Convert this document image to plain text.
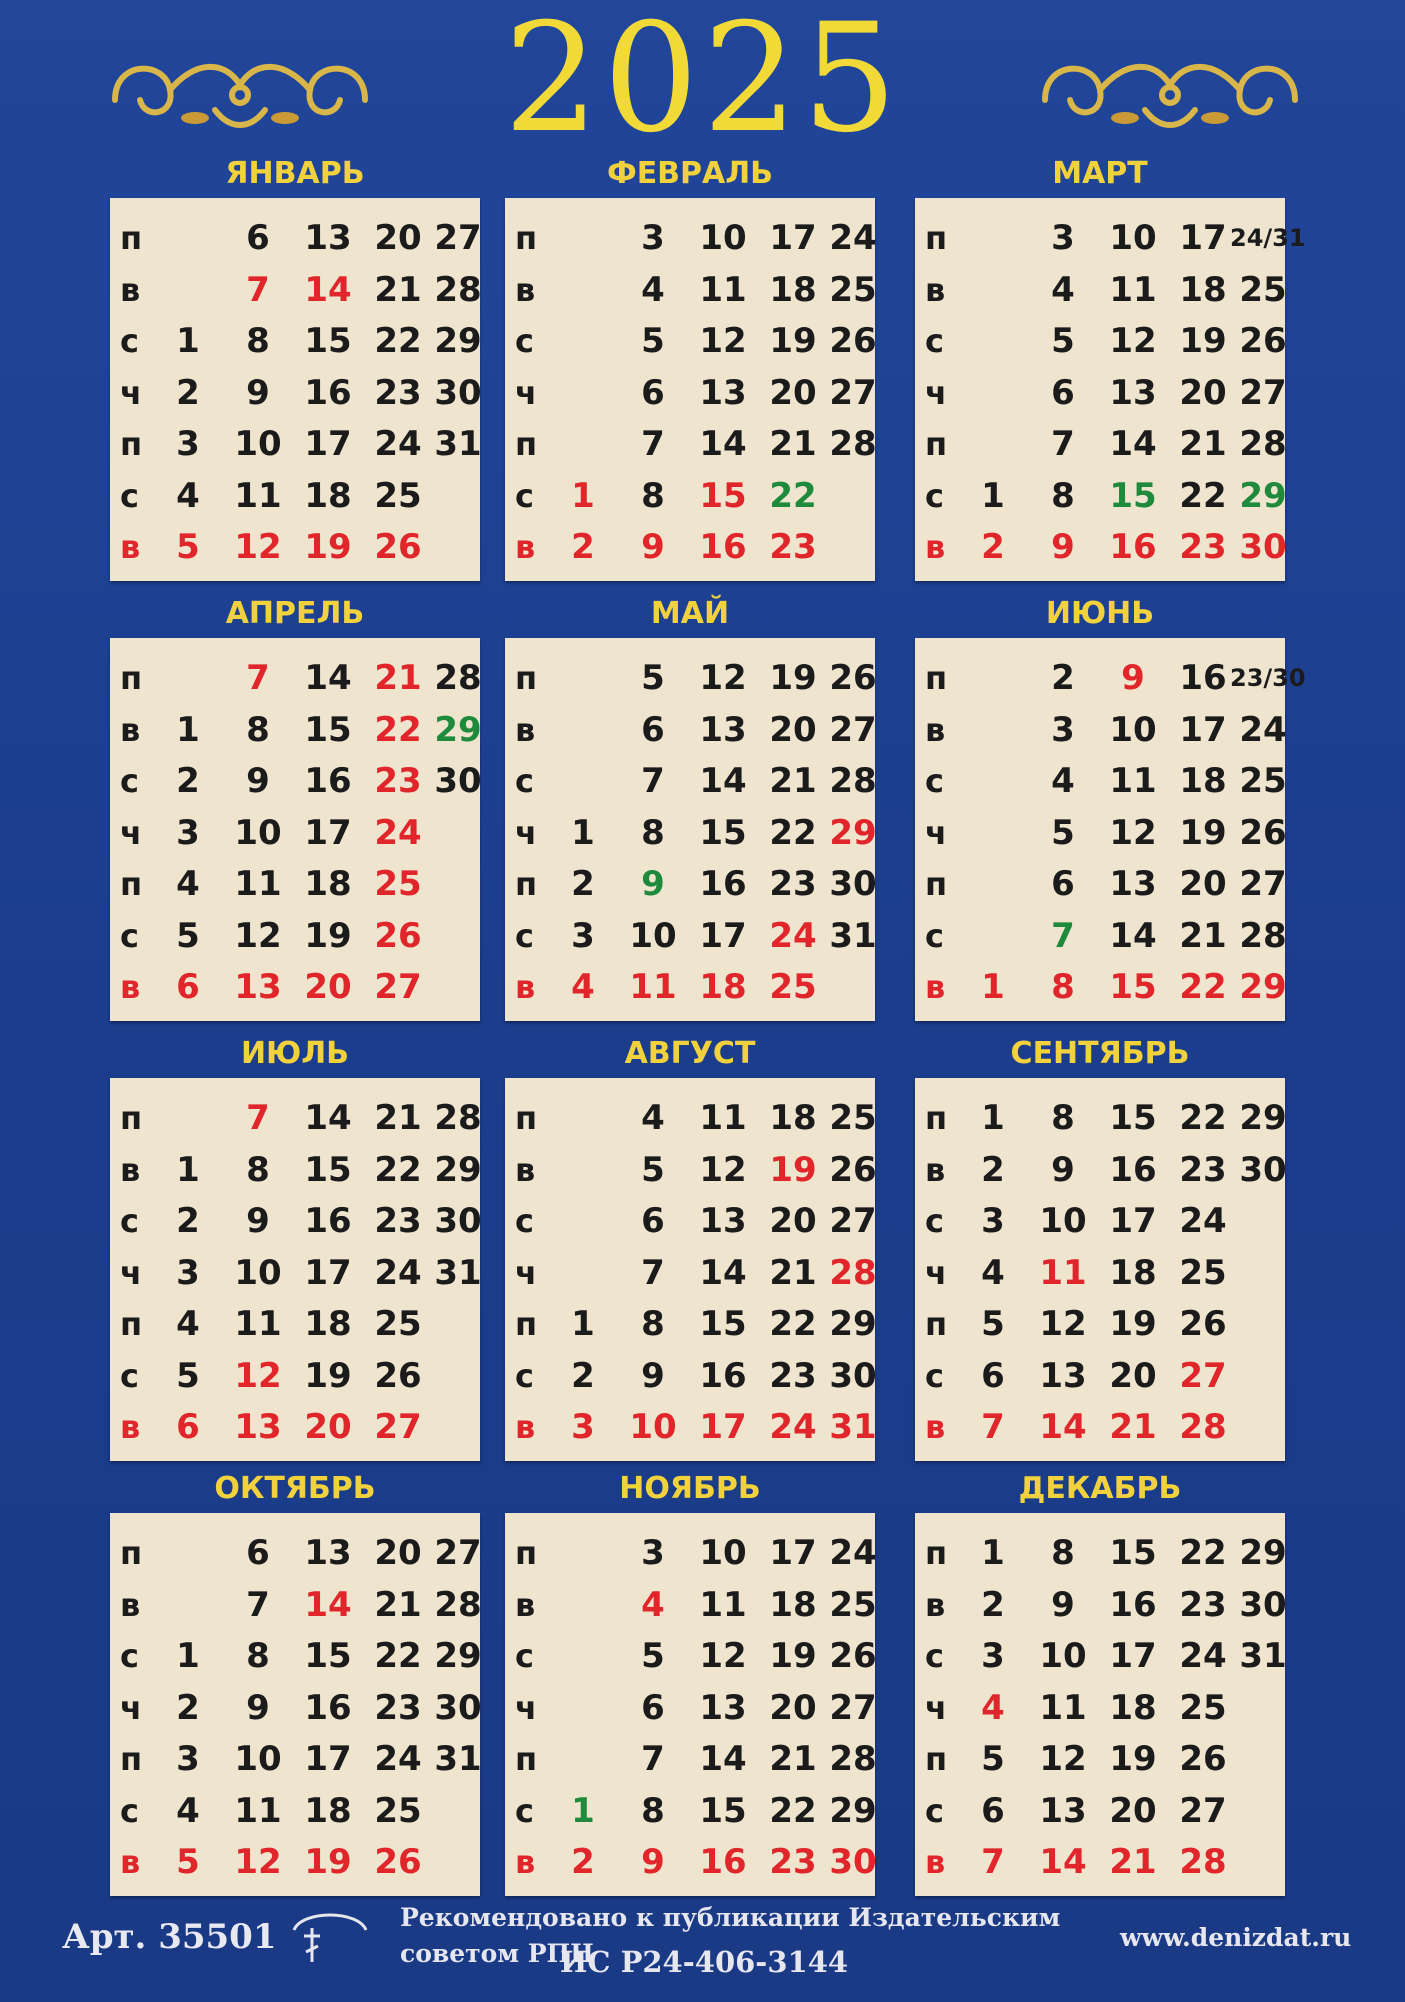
2025
ЯНВАРЬ
п
в
с
ч
п
с
в
1
2
3
4
5
6
7
8
9
10
11
12
13
14
15
16
17
18
19
20
21
22
23
24
25
26
27
28
29
30
31
ФЕВРАЛЬ
п
в
с
ч
п
с
в
1
2
3
4
5
6
7
8
9
10
11
12
13
14
15
16
17
18
19
20
21
22
23
24
25
26
27
28
МАРТ
п
в
с
ч
п
с
в
1
2
3
4
5
6
7
8
9
10
11
12
13
14
15
16
17
18
19
20
21
22
23
24/31
25
26
27
28
29
30
АПРЕЛЬ
п
в
с
ч
п
с
в
1
2
3
4
5
6
7
8
9
10
11
12
13
14
15
16
17
18
19
20
21
22
23
24
25
26
27
28
29
30
МАЙ
п
в
с
ч
п
с
в
1
2
3
4
5
6
7
8
9
10
11
12
13
14
15
16
17
18
19
20
21
22
23
24
25
26
27
28
29
30
31
ИЮНЬ
п
в
с
ч
п
с
в	1
2
3
4
5
6
7
8
9
10
11
12
13
14
15
16
17
18
19
20
21
22
23/30
24
25
26
27
28
29
ИЮЛЬ
п
в
с
ч
п
с
в
1
2
3
4
5
6
7
8
9
10
11
12
13
14
15
16
17
18
19
20
21
22
23
24
25
26
27
28
29
30
31
АВГУСТ
п
в
с
ч
п
с
в
1
2
3
4
5
6
7
8
9
10
11
12
13
14
15
16
17
18
19
20
21
22
23
24
25
26
27
28
29
30
31
СЕНТЯБРЬ
п
в
с
ч
п
с
в
1
2
3
4
5
6
7
8
9
10
11
12
13
14
15
16
17
18
19
20
21
22
23
24
25
26
27
28
29
30
ОКТЯБРЬ
п
в
с
ч
п
с
в
1
2
3
4
5
6
7
8
9
10
11
12
13
14
15
16
17
18
19
20
21
22
23
24
25
26
27
28
29
30
31
НОЯБРЬ
п
в
с
ч
п
с
в
1
2
3
4
5
6
7
8
9
10
11
12
13
14
15
16
17
18
19
20
21
22
23
24
25
26
27
28
29
30
ДЕКАБРЬ
п
в
с
ч
п
с
в
1
2
3
4
5
6
7
8
9
10
11
12
13
14
15
16
17
18
19
20
21
22
23
24
25
26
27
28
29
30
31
Арт. 35501	Рекомендовано к публикации Издательским советом РПЦ
ИС Р24-406-3144
www.denizdat.ru
